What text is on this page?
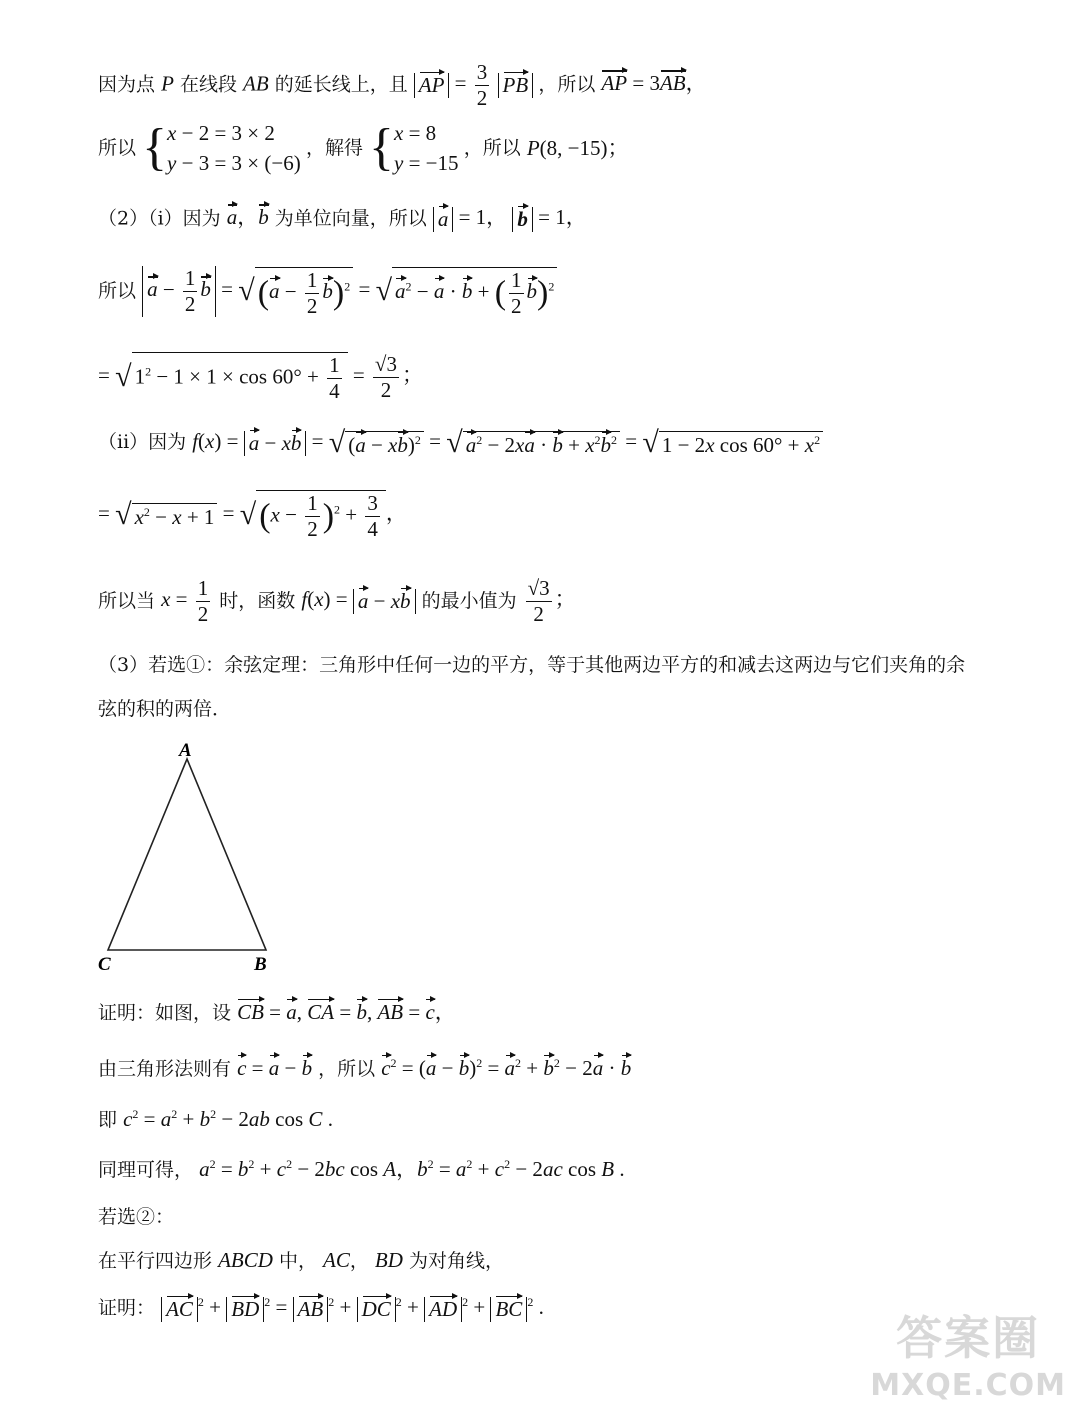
因为点 P 在线段 AB 的延长线上，且 AP = $\frac{3}{2}$ PB ，所以 AP = 3AB，
所以 {x − 2 = 3 × 2
y − 3 = 3 × (−6) ，解得 {x = 8
y = −15 ，所以 P(8, −15)；
（2）（i）因为 a，b 为单位向量，所以 a = 1， b = 1，
所以 $a - \frac{1}{2}$ $b = √(a - \frac{1}{2} b)^2$ = √ $a^2 - a \cdot b$ + ( $\frac{1}{2} b)^2$
= √ $1^2 - 1 \times 1 \times \cos 60^\circ + \frac{1}{4} = \frac{√3}{2}$ ；
（ii）因为 f(x) = a − xb = √ (a − xb)$^2$ = √ $a^2 - 2xa \cdot b + x^2b^2$ = √ 1 − 2x $\cos 60^\circ + x^2$
= √ $x^2 - x + 1 = √(x - \frac{1}{2} )^2 + \frac{3}{4}$ ，
所以当 $x = \frac{1}{2}$ 时，函数 f(x) = a − xb 的最小值为 $\frac{√3}{2}$ ；
（3）若选①：余弦定理：三角形中任何一边的平方，等于其他两边平方的和减去这两边与它们夹角的余
弦的积的两倍．
A
C	B
证明：如图，设 CB = a, CA = b, AB = c，
由三角形法则有 c = a − b ，所以 $c^2 = (a - b)^2 = a^2 + b^2 - 2a \cdot b$
即 $c^2 = a^2 + b^2 - 2ab$ cos C .
同理可得， $a^2 = b^2 + c^2 - 2bc$ cos A，$b^2 = a^2 + c^2 - 2ac$ cos B .
若选②：
在平行四边形 ABCD 中， AC， BD 为对角线，
证明： AC $^2$ + BD $^2$ = AB $^2$ + DC $^2$ + AD $^2$ + BC $^2$ .
答案圈
MXQE.COM
